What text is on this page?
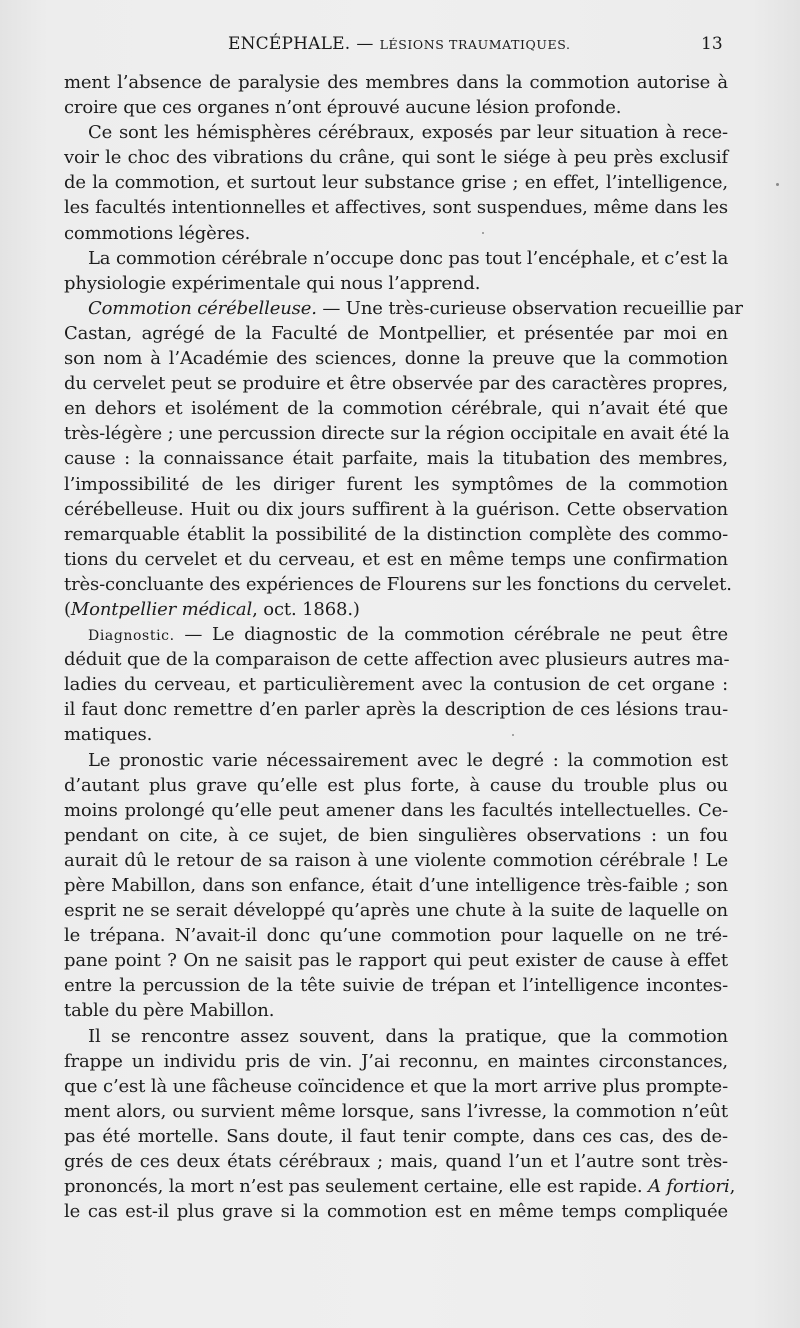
ENCÉPHALE. — LÉSIONS TRAUMATIQUES.	13
ment l’absence de paralysie des membres dans la commotion autorise à
croire que ces organes n’ont éprouvé aucune lésion profonde.
Ce sont les hémisphères cérébraux, exposés par leur situation à rece-
voir le choc des vibrations du crâne, qui sont le siége à peu près exclusif
de la commotion, et surtout leur substance grise ; en effet, l’intelligence,
les facultés intentionnelles et affectives, sont suspendues, même dans les
commotions légères.
La commotion cérébrale n’occupe donc pas tout l’encéphale, et c’est la
physiologie expérimentale qui nous l’apprend.
Commotion cérébelleuse. — Une très-curieuse observation recueillie par
Castan, agrégé de la Faculté de Montpellier, et présentée par moi en
son nom à l’Académie des sciences, donne la preuve que la commotion
du cervelet peut se produire et être observée par des caractères propres,
en dehors et isolément de la commotion cérébrale, qui n’avait été que
très-légère ; une percussion directe sur la région occipitale en avait été la
cause : la connaissance était parfaite, mais la titubation des membres,
l’impossibilité de les diriger furent les symptômes de la commotion
cérébelleuse. Huit ou dix jours suffirent à la guérison. Cette observation
remarquable établit la possibilité de la distinction complète des commo-
tions du cervelet et du cerveau, et est en même temps une confirmation
très-concluante des expériences de Flourens sur les fonctions du cervelet.
(Montpellier médical, oct. 1868.)
Diagnostic. — Le diagnostic de la commotion cérébrale ne peut être
déduit que de la comparaison de cette affection avec plusieurs autres ma-
ladies du cerveau, et particulièrement avec la contusion de cet organe :
il faut donc remettre d’en parler après la description de ces lésions trau-
matiques.
Le pronostic varie nécessairement avec le degré : la commotion est
d’autant plus grave qu’elle est plus forte, à cause du trouble plus ou
moins prolongé qu’elle peut amener dans les facultés intellectuelles. Ce-
pendant on cite, à ce sujet, de bien singulières observations : un fou
aurait dû le retour de sa raison à une violente commotion cérébrale ! Le
père Mabillon, dans son enfance, était d’une intelligence très-faible ; son
esprit ne se serait développé qu’après une chute à la suite de laquelle on
le trépana. N’avait-il donc qu’une commotion pour laquelle on ne tré-
pane point ? On ne saisit pas le rapport qui peut exister de cause à effet
entre la percussion de la tête suivie de trépan et l’intelligence incontes-
table du père Mabillon.
Il se rencontre assez souvent, dans la pratique, que la commotion
frappe un individu pris de vin. J’ai reconnu, en maintes circonstances,
que c’est là une fâcheuse coïncidence et que la mort arrive plus prompte-
ment alors, ou survient même lorsque, sans l’ivresse, la commotion n’eût
pas été mortelle. Sans doute, il faut tenir compte, dans ces cas, des de-
grés de ces deux états cérébraux ; mais, quand l’un et l’autre sont très-
prononcés, la mort n’est pas seulement certaine, elle est rapide. A fortiori,
le cas est-il plus grave si la commotion est en même temps compliquée
